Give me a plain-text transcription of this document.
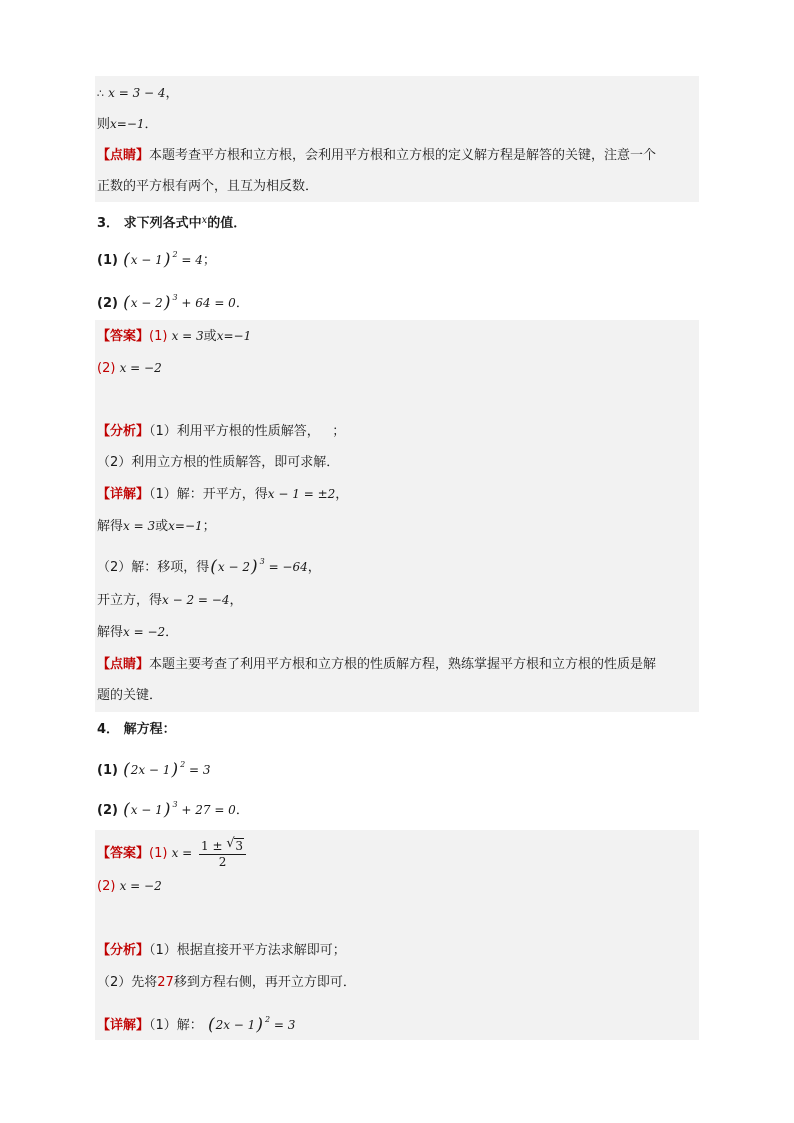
∴ x = 3 − 4，
则x=−1．
【点睛】本题考查平方根和立方根，会利用平方根和立方根的定义解方程是解答的关键，注意一个
正数的平方根有两个，且互为相反数．
3． 求下列各式中$^x$的值．
(1) (x − 1) $^2$ = 4；
(2) (x − 2) $^3$ + 64 = 0．
【答案】(1) x = 3或x=−1
(2) x = −2
【分析】（1）利用平方根的性质解答， ；
（2）利用立方根的性质解答，即可求解．
【详解】（1）解：开平方，得x − 1 = ±2，
解得x = 3或x=−1；
（2）解：移项，得(x − 2) $^3$ = −64，
开立方，得x − 2 = −4，
解得x = −2．
【点睛】本题主要考查了利用平方根和立方根的性质解方程，熟练掌握平方根和立方根的性质是解
题的关键．
4． 解方程：
(1) (2x − 1) $^2$ = 3
(2) (x − 1) $^3$ + 27 = 0．
【答案】(1) $x = \frac{1 \pm √ 3}{2}$
(2) x = −2
【分析】（1）根据直接开平方法求解即可；
（2）先将27移到方程右侧，再开立方即可．
【详解】（1）解： (2x − 1) $^2$ = 3
